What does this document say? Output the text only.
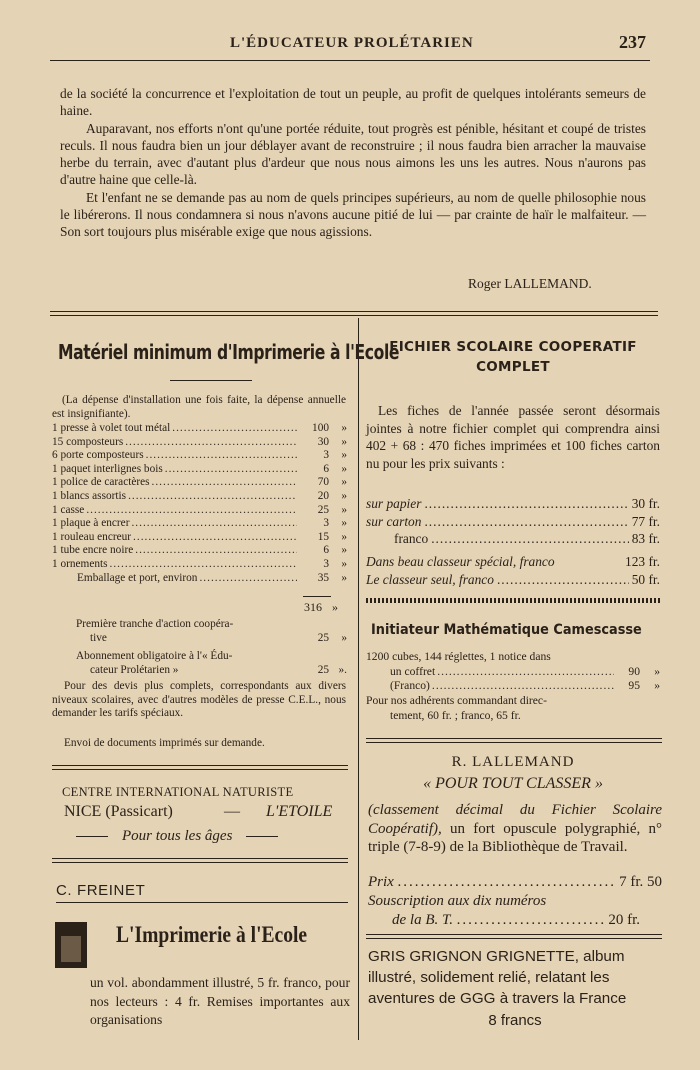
L'ÉDUCATEUR PROLÉTARIEN	237

de la société la concurrence et l'exploitation de tout un peuple, au profit de quelques intolérants semeurs de haine.

Auparavant, nos efforts n'ont qu'une portée réduite, tout progrès est pénible, hésitant et coupé de tristes reculs. Il nous faudra bien un jour déblayer avant de reconstruire ; il nous faudra bien arracher la mauvaise herbe du terrain, avec d'autant plus d'ardeur que nous nous aimons les uns les autres. Nous n'aurons pas d'autre haine que celle-là.

Et l'enfant ne se demande pas au nom de quels principes supérieurs, au nom de quelle philosophie nous le libérerons. Il nous condamnera si nous n'avons aucune pitié de lui — par crainte de haïr le malfaiteur. — Son sort toujours plus misérable exige que nous agissions.

Roger LALLEMAND.
Matériel minimum d'Imprimerie à l'Ecole
(La dépense d'installation une fois faite, la dépense annuelle est insignifiante).
1 presse à volet tout métal .....	100	»
15 composteurs .....	30	»
6 porte composteurs .....	3	»
1 paquet interlignes bois .....	6	»
1 police de caractères .....	70	»
1 blancs assortis .....	20	»
1 casse .....	25	»
1 plaque à encrer .....	3	»
1 rouleau encreur .....	15	»
1 tube encre noire .....	6	»
1 ornements .....	3	»
Emballage et port, environ .....	35	»
316 »
Première tranche d'action coopéra-
tive	25	»
Abonnement obligatoire à l'« Édu-
cateur Prolétarien »	25 ».
Pour des devis plus complets, correspondants aux divers niveaux scolaires, avec d'autres modèles de presse C.E.L., nous demander les tarifs spéciaux.
Envoi de documents imprimés sur demande.
CENTRE INTERNATIONAL NATURISTE
NICE (Passicart)	— L'ETOILE
Pour tous les âges
C. FREINET
L'Imprimerie à l'Ecole
un vol. abondamment illustré, 5 fr. franco, pour nos lecteurs : 4 fr. Remises importantes aux organisations
FICHIER SCOLAIRE COOPERATIF
COMPLET
Les fiches de l'année passée seront désormais jointes à notre fichier complet qui comprendra ainsi 402 + 68 : 470 fiches imprimées et 100 fiches carton nu pour les prix suivants :
sur papier .....	30 fr.
sur carton .....	77 fr.
franco .....	83 fr.
Dans beau classeur spécial, franco	123 fr.
Le classeur seul, franco .....	50 fr.
Initiateur Mathématique Camescasse
1200 cubes, 144 réglettes, 1 notice dans
un coffret .....	90	»
(Franco) .....	95	»
Pour nos adhérents commandant direc-
tement, 60 fr. ; franco, 65 fr.
R. LALLEMAND
« POUR TOUT CLASSER »
(classement décimal du Fichier Scolaire Coopératif), un fort opuscule polygraphié, n° triple (7-8-9) de la Bibliothèque de Travail.
Prix .....	7 fr. 50
Souscription aux dix numéros
de la B. T. .....	20 fr.
GRIS GRIGNON GRIGNETTE, album illustré, solidement relié, relatant les aventures de GGG à travers la France
8 francs
